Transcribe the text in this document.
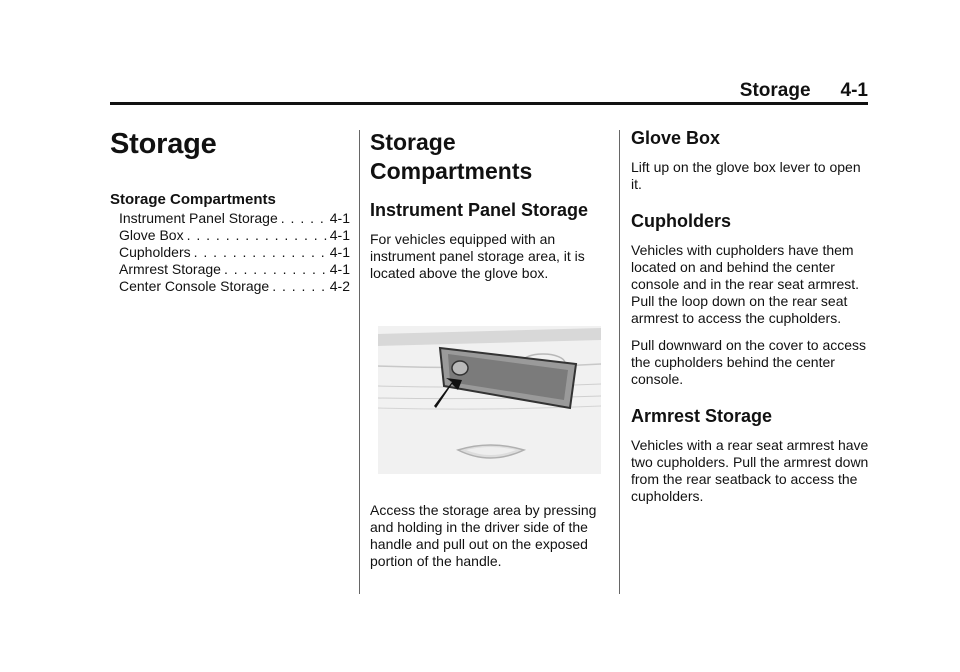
Storage 4-1
Storage
Storage Compartments
Instrument Panel Storage . . .	4-1
Glove Box . . .	4-1
Cupholders . . .	4-1
Armrest Storage . . .	4-1
Center Console Storage . . .	4-2
Storage Compartments
Instrument Panel Storage

For vehicles equipped with an instrument panel storage area, it is located above the glove box.

Access the storage area by pressing and holding in the driver side of the handle and pull out on the exposed portion of the handle.

Glove Box

Lift up on the glove box lever to open it.

Cupholders

Vehicles with cupholders have them located on and behind the center console and in the rear seat armrest. Pull the loop down on the rear seat armrest to access the cupholders.

Pull downward on the cover to access the cupholders behind the center console.

Armrest Storage

Vehicles with a rear seat armrest have two cupholders. Pull the armrest down from the rear seatback to access the cupholders.
